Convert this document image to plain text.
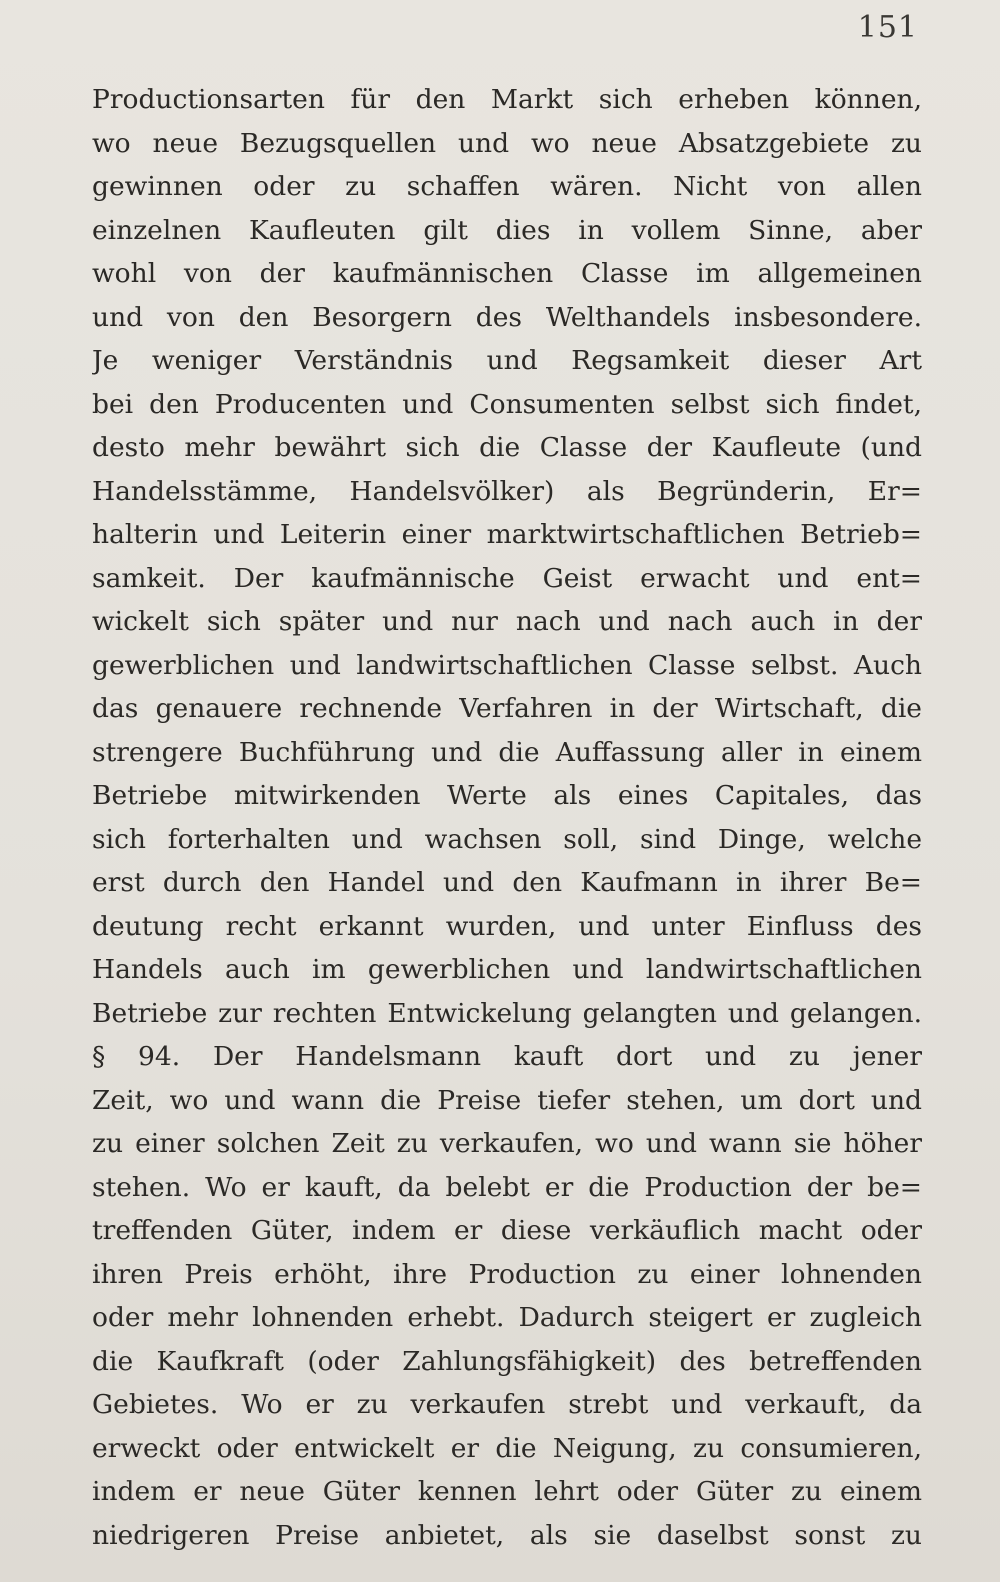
151
Productionsarten für den Markt sich erheben können,
wo neue Bezugsquellen und wo neue Absatzgebiete zu
gewinnen oder zu schaffen wären. Nicht von allen
einzelnen Kaufleuten gilt dies in vollem Sinne, aber
wohl von der kaufmännischen Classe im allgemeinen
und von den Besorgern des Welthandels insbesondere.
Je weniger Verständnis und Regsamkeit dieser Art
bei den Producenten und Consumenten selbst sich findet,
desto mehr bewährt sich die Classe der Kaufleute (und
Handelsstämme, Handelsvölker) als Begründerin, Er=
halterin und Leiterin einer marktwirtschaftlichen Betrieb=
samkeit. Der kaufmännische Geist erwacht und ent=
wickelt sich später und nur nach und nach auch in der
gewerblichen und landwirtschaftlichen Classe selbst. Auch
das genauere rechnende Verfahren in der Wirtschaft, die
strengere Buchführung und die Auffassung aller in einem
Betriebe mitwirkenden Werte als eines Capitales, das
sich forterhalten und wachsen soll, sind Dinge, welche
erst durch den Handel und den Kaufmann in ihrer Be=
deutung recht erkannt wurden, und unter Einfluss des
Handels auch im gewerblichen und landwirtschaftlichen
Betriebe zur rechten Entwickelung gelangten und gelangen.
§ 94. Der Handelsmann kauft dort und zu jener
Zeit, wo und wann die Preise tiefer stehen, um dort und
zu einer solchen Zeit zu verkaufen, wo und wann sie höher
stehen. Wo er kauft, da belebt er die Production der be=
treffenden Güter, indem er diese verkäuflich macht oder
ihren Preis erhöht, ihre Production zu einer lohnenden
oder mehr lohnenden erhebt. Dadurch steigert er zugleich
die Kaufkraft (oder Zahlungsfähigkeit) des betreffenden
Gebietes. Wo er zu verkaufen strebt und verkauft, da
erweckt oder entwickelt er die Neigung, zu consumieren,
indem er neue Güter kennen lehrt oder Güter zu einem
niedrigeren Preise anbietet, als sie daselbst sonst zu
